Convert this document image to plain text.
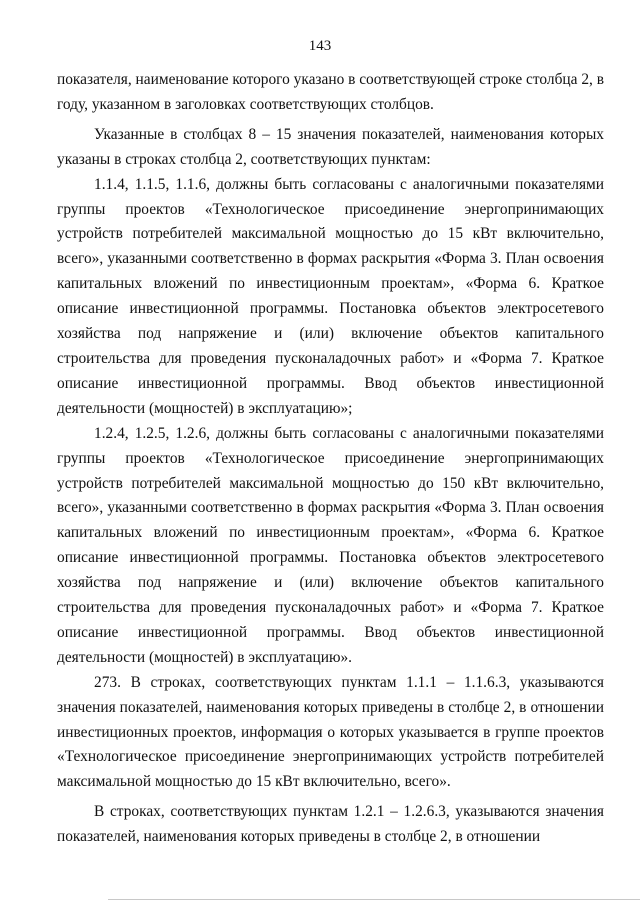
143

показателя, наименование которого указано в соответствующей строке столбца 2, в году, указанном в заголовках соответствующих столбцов.

Указанные в столбцах 8 – 15 значения показателей, наименования которых указаны в строках столбца 2, соответствующих пунктам:

1.1.4, 1.1.5, 1.1.6, должны быть согласованы с аналогичными показателями группы проектов «Технологическое присоединение энергопринимающих устройств потребителей максимальной мощностью до 15 кВт включительно, всего», указанными соответственно в формах раскрытия «Форма 3. План освоения капитальных вложений по инвестиционным проектам», «Форма 6. Краткое описание инвестиционной программы. Постановка объектов электросетевого хозяйства под напряжение и (или) включение объектов капитального строительства для проведения пусконаладочных работ» и «Форма 7. Краткое описание инвестиционной программы. Ввод объектов инвестиционной деятельности (мощностей) в эксплуатацию»;

1.2.4, 1.2.5, 1.2.6, должны быть согласованы с аналогичными показателями группы проектов «Технологическое присоединение энергопринимающих устройств потребителей максимальной мощностью до 150 кВт включительно, всего», указанными соответственно в формах раскрытия «Форма 3. План освоения капитальных вложений по инвестиционным проектам», «Форма 6. Краткое описание инвестиционной программы. Постановка объектов электросетевого хозяйства под напряжение и (или) включение объектов капитального строительства для проведения пусконаладочных работ» и «Форма 7. Краткое описание инвестиционной программы. Ввод объектов инвестиционной деятельности (мощностей) в эксплуатацию».

273. В строках, соответствующих пунктам 1.1.1 – 1.1.6.3, указываются значения показателей, наименования которых приведены в столбце 2, в отношении инвестиционных проектов, информация о которых указывается в группе проектов «Технологическое присоединение энергопринимающих устройств потребителей максимальной мощностью до 15 кВт включительно, всего».

В строках, соответствующих пунктам 1.2.1 – 1.2.6.3, указываются значения показателей, наименования которых приведены в столбце 2, в отношении
